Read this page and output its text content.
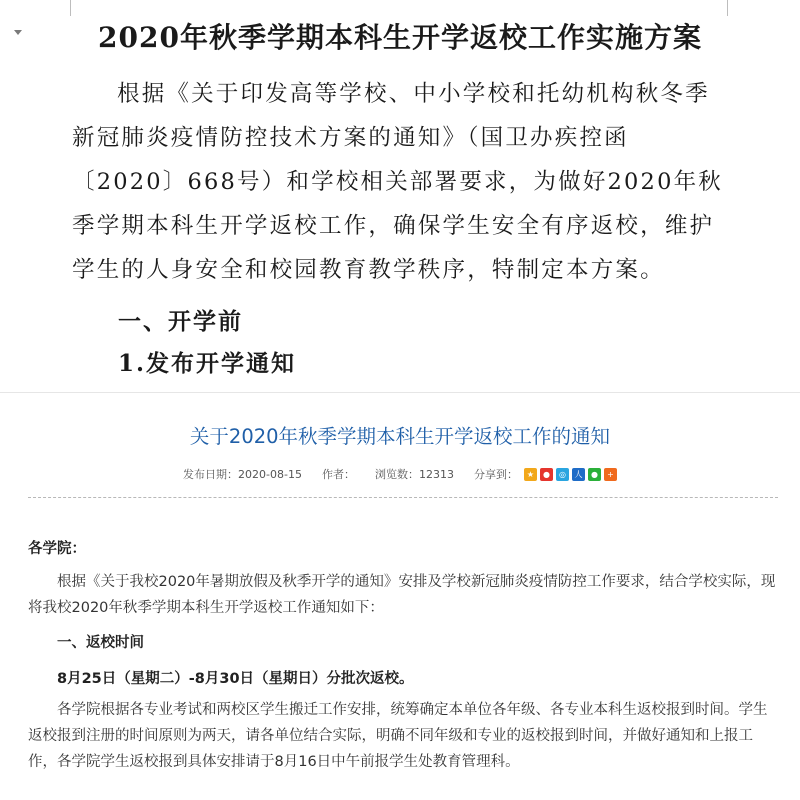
2020年秋季学期本科生开学返校工作实施方案

根据《关于印发高等学校、中小学校和托幼机构秋冬季新冠肺炎疫情防控技术方案的通知》（国卫办疾控函〔2020〕668号）和学校相关部署要求，为做好2020年秋季学期本科生开学返校工作，确保学生安全有序返校，维护学生的人身安全和校园教育教学秩序，特制定本方案。

一、开学前
1.发布开学通知
关于2020年秋季学期本科生开学返校工作的通知
发布日期：2020-08-15 作者： 浏览数：12313 分享到：	★	●	◎	人	●	+
各学院：

根据《关于我校2020年暑期放假及秋季开学的通知》安排及学校新冠肺炎疫情防控工作要求，结合学校实际，现将我校2020年秋季学期本科生开学返校工作通知如下：

一、返校时间
8月25日（星期二）-8月30日（星期日）分批次返校。

各学院根据各专业考试和两校区学生搬迁工作安排，统筹确定本单位各年级、各专业本科生返校报到时间。学生返校报到注册的时间原则为两天，请各单位结合实际，明确不同年级和专业的返校报到时间，并做好通知和上报工作，各学院学生返校报到具体安排请于8月16日中午前报学生处教育管理科。
